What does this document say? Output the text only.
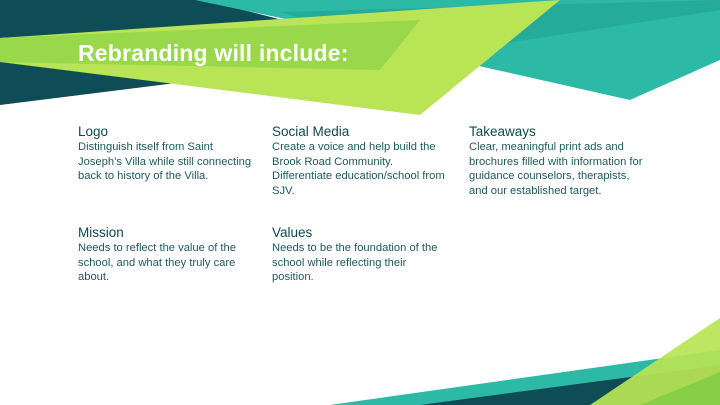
Rebranding will include:
Logo

Distinguish itself from Saint Joseph’s Villa while still connecting back to history of the Villa.

Social Media

Create a voice and help build the Brook Road Community. Differentiate education/school from SJV.

Takeaways

Clear, meaningful print ads and brochures filled with information for guidance counselors, therapists, and our established target.

Mission

Needs to reflect the value of the school, and what they truly care about.

Values

Needs to be the foundation of the school while reflecting their position.
